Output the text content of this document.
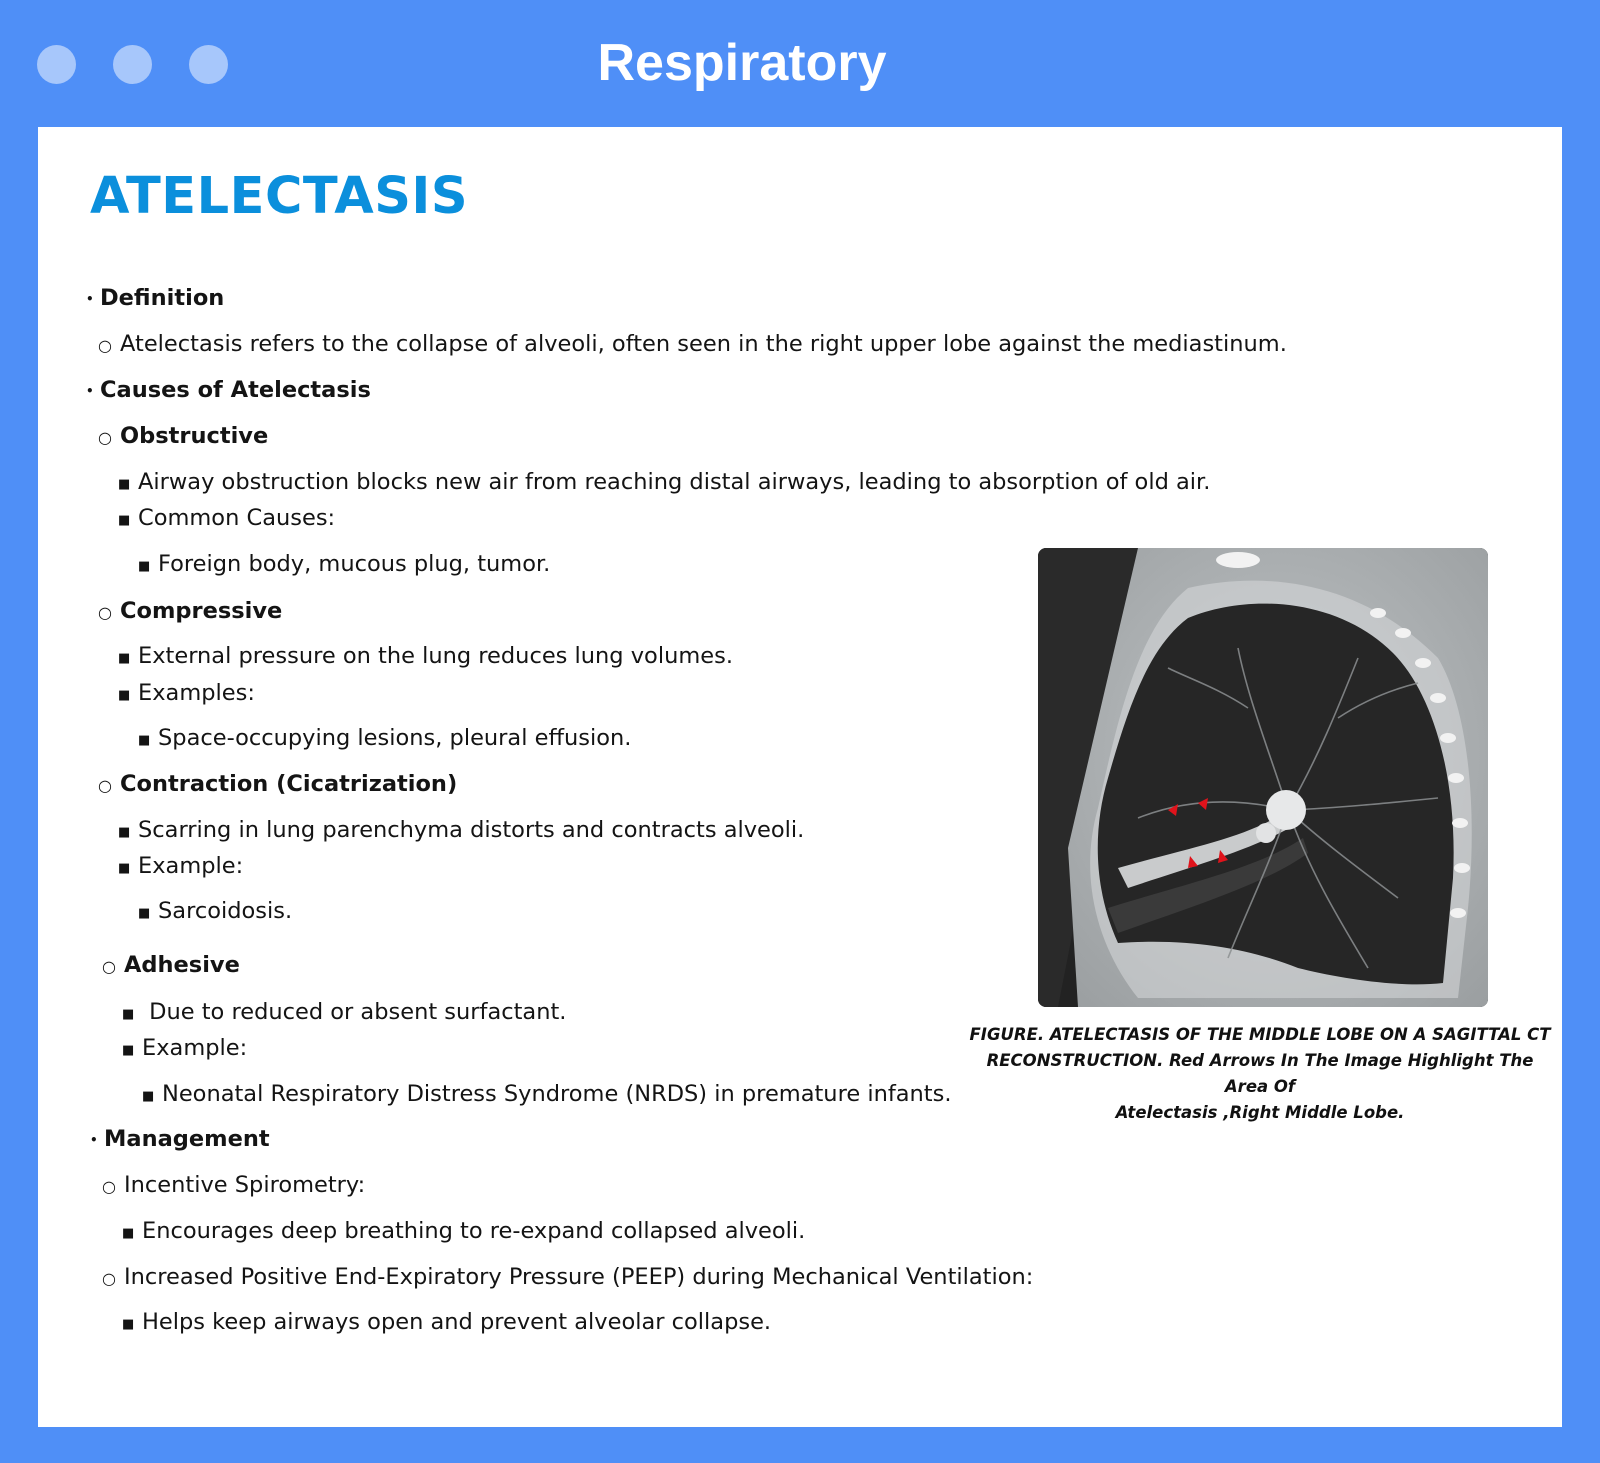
Respiratory
ATELECTASIS
• Definition
○ Atelectasis refers to the collapse of alveoli, often seen in the right upper lobe against the mediastinum.
• Causes of Atelectasis
○ Obstructive
■ Airway obstruction blocks new air from reaching distal airways, leading to absorption of old air.
■ Common Causes:
■ Foreign body, mucous plug, tumor.
○ Compressive
■ External pressure on the lung reduces lung volumes.
■ Examples:
■ Space-occupying lesions, pleural effusion.
○ Contraction (Cicatrization)
■ Scarring in lung parenchyma distorts and contracts alveoli.
■ Example:
■ Sarcoidosis.
○ Adhesive
■ Due to reduced or absent surfactant.
■ Example:
■ Neonatal Respiratory Distress Syndrome (NRDS) in premature infants.
• Management
○ Incentive Spirometry:
■ Encourages deep breathing to re-expand collapsed alveoli.
○ Increased Positive End-Expiratory Pressure (PEEP) during Mechanical Ventilation:
■ Helps keep airways open and prevent alveolar collapse.
FIGURE. ATELECTASIS OF THE MIDDLE LOBE ON A SAGITTAL CT
RECONSTRUCTION. Red Arrows In The Image Highlight The Area Of
Atelectasis ,Right Middle Lobe.
